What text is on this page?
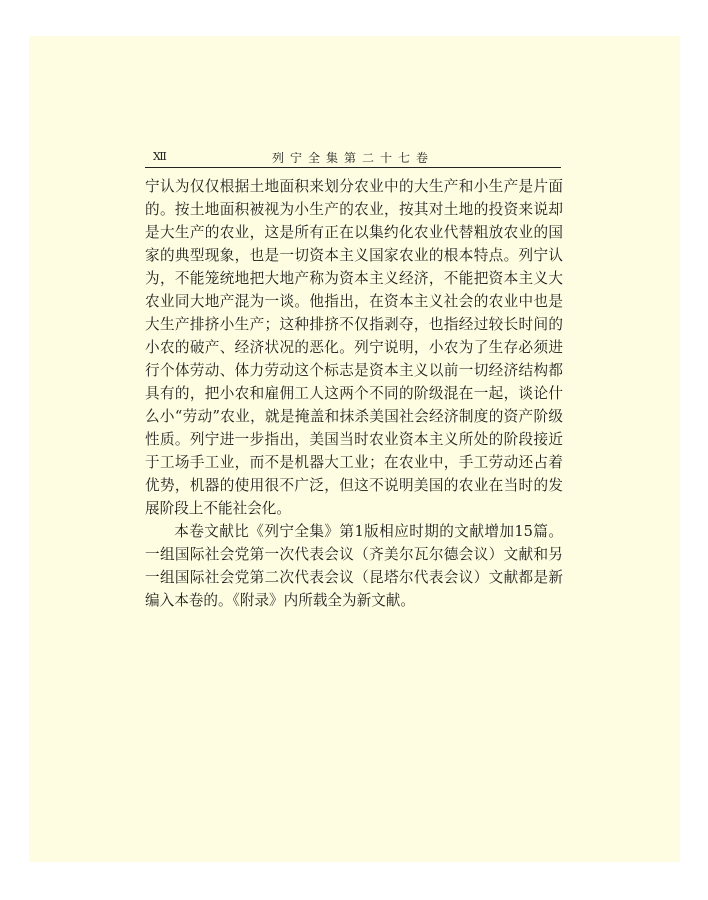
Ⅻ	列宁全集第二十七卷

宁认为仅仅根据土地面积来划分农业中的大生产和小生产是片面的。按土地面积被视为小生产的农业，按其对土地的投资来说却是大生产的农业，这是所有正在以集约化农业代替粗放农业的国家的典型现象，也是一切资本主义国家农业的根本特点。列宁认为，不能笼统地把大地产称为资本主义经济，不能把资本主义大农业同大地产混为一谈。他指出，在资本主义社会的农业中也是大生产排挤小生产；这种排挤不仅指剥夺，也指经过较长时间的小农的破产、经济状况的恶化。列宁说明，小农为了生存必须进行个体劳动、体力劳动这个标志是资本主义以前一切经济结构都具有的，把小农和雇佣工人这两个不同的阶级混在一起，谈论什么小“劳动”农业，就是掩盖和抹杀美国社会经济制度的资产阶级性质。列宁进一步指出，美国当时农业资本主义所处的阶段接近于工场手工业，而不是机器大工业；在农业中，手工劳动还占着优势，机器的使用很不广泛，但这不说明美国的农业在当时的发展阶段上不能社会化。

本卷文献比《列宁全集》第1版相应时期的文献增加15篇。一组国际社会党第一次代表会议（齐美尔瓦尔德会议）文献和另一组国际社会党第二次代表会议（昆塔尔代表会议）文献都是新编入本卷的。《附录》内所载全为新文献。
